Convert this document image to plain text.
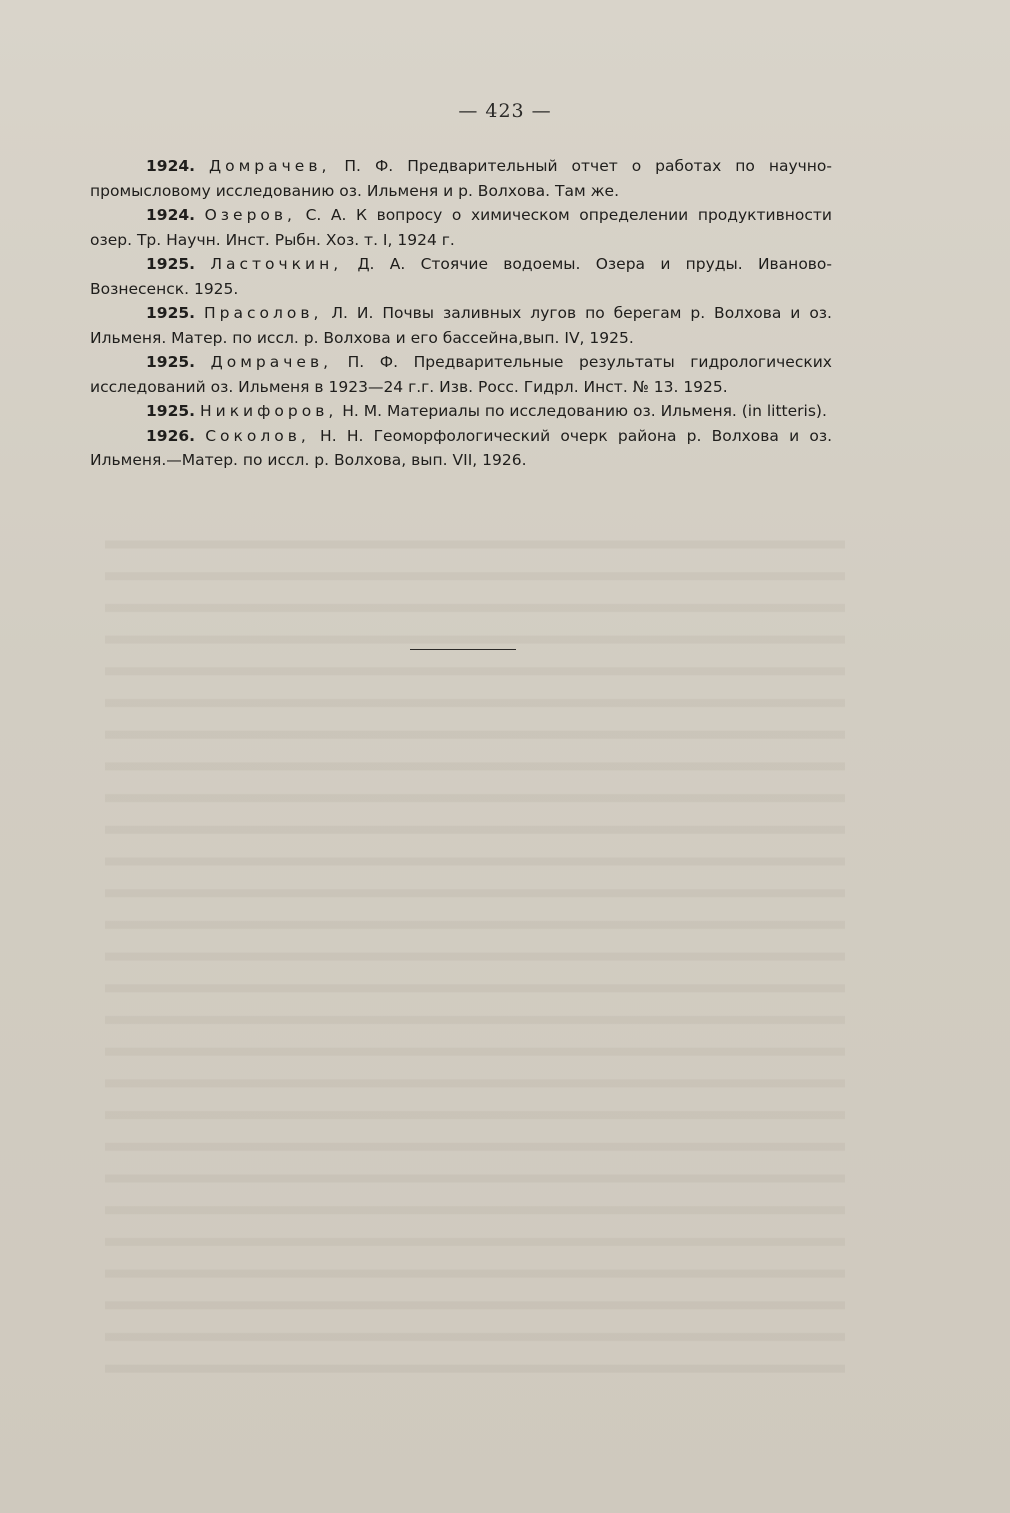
— 423 —

1924. Домрачев, П. Ф. Предварительный отчет о работах по научно-промысловому исследованию оз. Ильменя и р. Волхова. Там же.

1924. Озеров, С. А. К вопросу о химическом определении продуктивности озер. Тр. Научн. Инст. Рыбн. Хоз. т. I, 1924 г.

1925. Ласточкин, Д. А. Стоячие водоемы. Озера и пруды. Иваново-Вознесенск. 1925.

1925. Прасолов, Л. И. Почвы заливных лугов по берегам р. Волхова и оз. Ильменя. Матер. по иссл. р. Волхова и его бассейна,вып. IV, 1925.

1925. Домрачев, П. Ф. Предварительные результаты гидрологических исследований оз. Ильменя в 1923—24 г.г. Изв. Росс. Гидрл. Инст. № 13. 1925.

1925. Никифоров, Н. М. Материалы по исследованию оз. Ильменя. (in litteris).

1926. Соколов, Н. Н. Геоморфологический очерк района р. Волхова и оз. Ильменя.—Матер. по иссл. р. Волхова, вып. VII, 1926.
